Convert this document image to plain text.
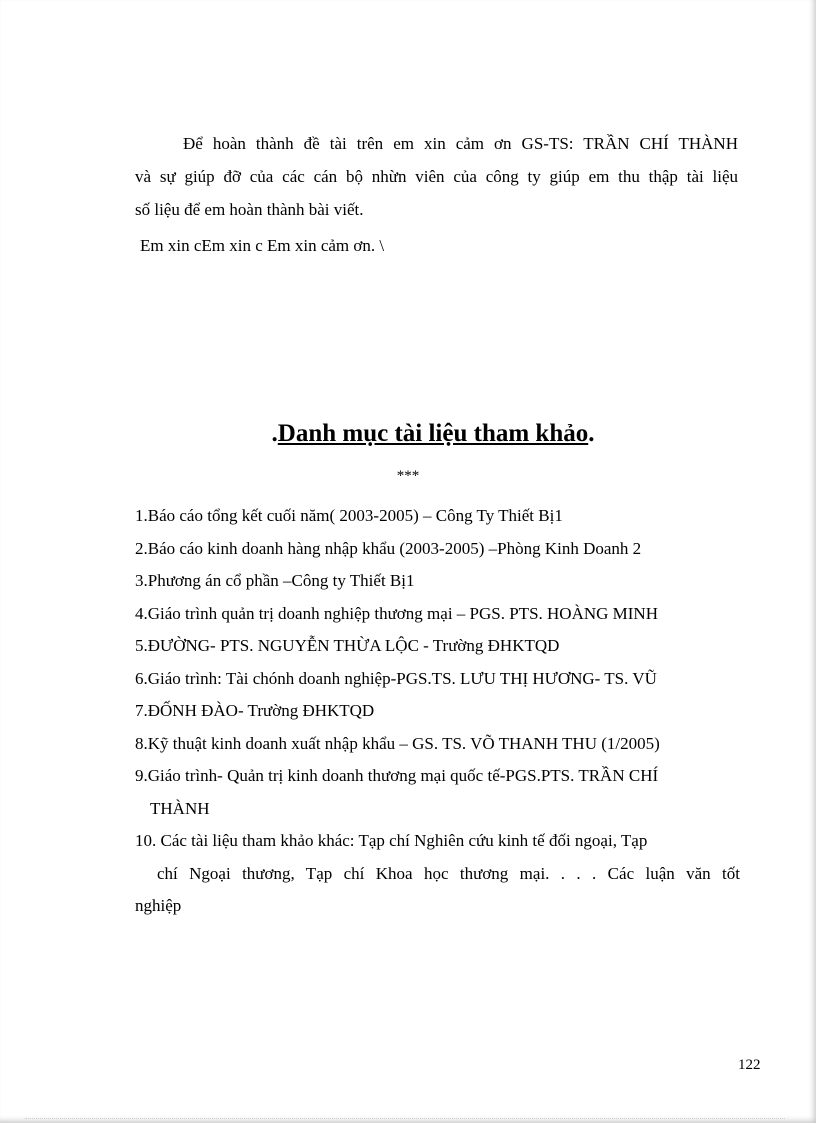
Để hoàn thành đề tài trên em xin cảm ơn GS-TS: TRẦN CHÍ THÀNH
và sự giúp đỡ của các cán bộ nhừn viên của công ty giúp em thu thập tài liệu
số liệu để em hoàn thành bài viết.
Em xin cEm xin c Em xin cảm ơn. \
.Danh mục tài liệu tham khảo.
***
1.Báo cáo tổng kết cuối năm( 2003-2005) – Công Ty Thiết Bị1
2.Báo cáo kinh doanh hàng nhập khẩu (2003-2005) –Phòng Kinh Doanh 2
3.Phương án cổ phần –Công ty Thiết Bị1
4.Giáo trình quản trị doanh nghiệp thương mại – PGS. PTS. HOÀNG MINH
5.ĐƯỜNG- PTS. NGUYỄN THỪA LỘC - Trường ĐHKTQD
6.Giáo trình: Tài chónh doanh nghiệp-PGS.TS. LƯU THỊ HƯƠNG- TS. VŨ
7.ĐỐNH ĐÀO- Trường ĐHKTQD
8.Kỹ thuật kinh doanh xuất nhập khẩu – GS. TS. VÕ THANH THU (1/2005)
9.Giáo trình- Quản trị kinh doanh thương mại quốc tế-PGS.PTS. TRẦN CHÍ
THÀNH
10. Các tài liệu tham khảo khác: Tạp chí Nghiên cứu kinh tế đối ngoại, Tạp
chí Ngoại thương, Tạp chí Khoa học thương mại. . . . Các luận văn tốt
nghiệp
122
